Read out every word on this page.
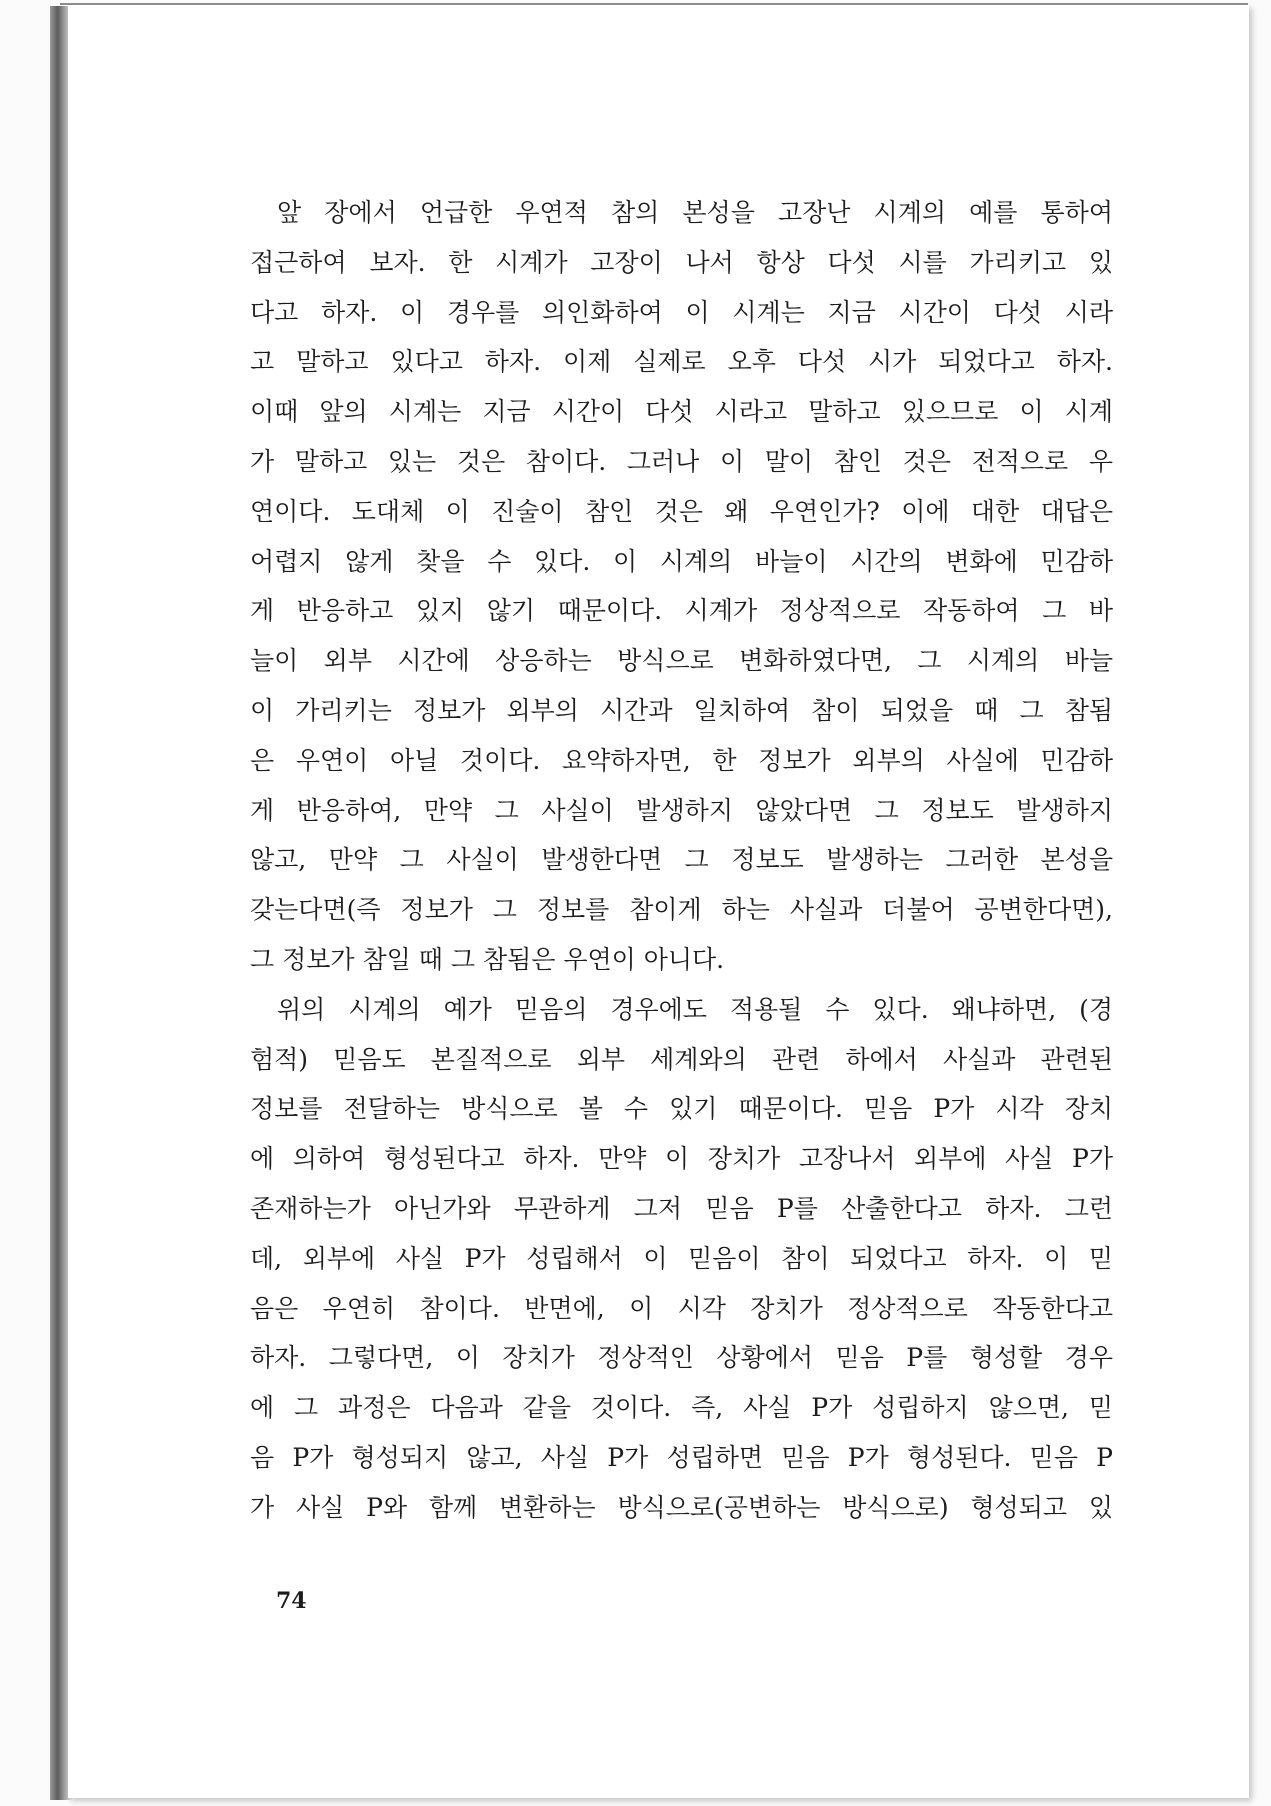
앞 장에서 언급한 우연적 참의 본성을 고장난 시계의 예를 통하여
접근하여 보자. 한 시계가 고장이 나서 항상 다섯 시를 가리키고 있
다고 하자. 이 경우를 의인화하여 이 시계는 지금 시간이 다섯 시라
고 말하고 있다고 하자. 이제 실제로 오후 다섯 시가 되었다고 하자.
이때 앞의 시계는 지금 시간이 다섯 시라고 말하고 있으므로 이 시계
가 말하고 있는 것은 참이다. 그러나 이 말이 참인 것은 전적으로 우
연이다. 도대체 이 진술이 참인 것은 왜 우연인가? 이에 대한 대답은
어렵지 않게 찾을 수 있다. 이 시계의 바늘이 시간의 변화에 민감하
게 반응하고 있지 않기 때문이다. 시계가 정상적으로 작동하여 그 바
늘이 외부 시간에 상응하는 방식으로 변화하였다면, 그 시계의 바늘
이 가리키는 정보가 외부의 시간과 일치하여 참이 되었을 때 그 참됨
은 우연이 아닐 것이다. 요약하자면, 한 정보가 외부의 사실에 민감하
게 반응하여, 만약 그 사실이 발생하지 않았다면 그 정보도 발생하지
않고, 만약 그 사실이 발생한다면 그 정보도 발생하는 그러한 본성을
갖는다면(즉 정보가 그 정보를 참이게 하는 사실과 더불어 공변한다면),
그 정보가 참일 때 그 참됨은 우연이 아니다.
위의 시계의 예가 믿음의 경우에도 적용될 수 있다. 왜냐하면, (경
험적) 믿음도 본질적으로 외부 세계와의 관련 하에서 사실과 관련된
정보를 전달하는 방식으로 볼 수 있기 때문이다. 믿음 P가 시각 장치
에 의하여 형성된다고 하자. 만약 이 장치가 고장나서 외부에 사실 P가
존재하는가 아닌가와 무관하게 그저 믿음 P를 산출한다고 하자. 그런
데, 외부에 사실 P가 성립해서 이 믿음이 참이 되었다고 하자. 이 믿
음은 우연히 참이다. 반면에, 이 시각 장치가 정상적으로 작동한다고
하자. 그렇다면, 이 장치가 정상적인 상황에서 믿음 P를 형성할 경우
에 그 과정은 다음과 같을 것이다. 즉, 사실 P가 성립하지 않으면, 믿
음 P가 형성되지 않고, 사실 P가 성립하면 믿음 P가 형성된다. 믿음 P
가 사실 P와 함께 변환하는 방식으로(공변하는 방식으로) 형성되고 있
74
